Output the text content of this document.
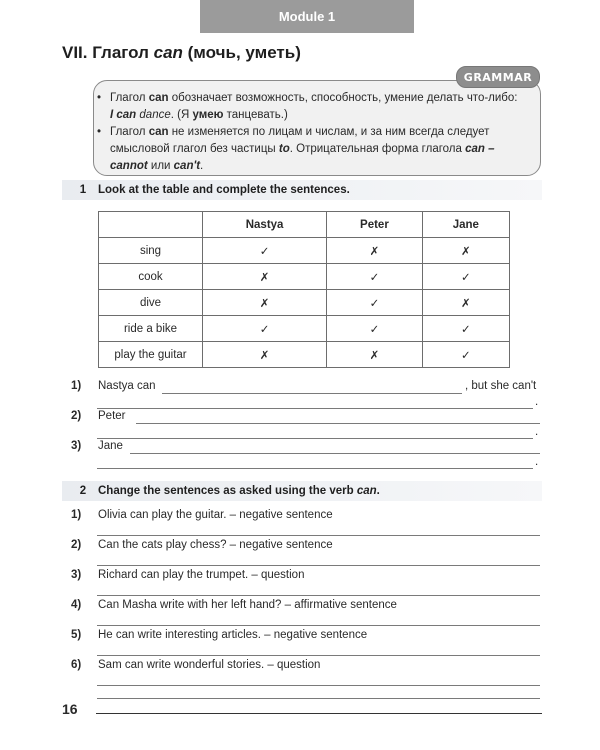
Module 1
VII. Глагол can (мочь, уметь)
GRAMMAR
• Глагол can обозначает возможность, способность, умение делать что-либо: I can dance. (Я умею танцевать.)
• Глагол can не изменяется по лицам и числам, и за ним всегда следует смысловой глагол без частицы to. Отрицательная форма глагола can – cannot или can't.
1	Look at the table and complete the sentences.
	Nastya	Peter	Jane
sing	✓	✗	✗
cook	✗	✓	✓
dive	✗	✓	✗
ride a bike	✓	✓	✓
play the guitar	✗	✗	✓
1)	Nastya can	, but she can't
.
2)	Peter
.
3)	Jane
.
2	Change the sentences as asked using the verb can.
1)	Olivia can play the guitar. – negative sentence
2)	Can the cats play chess? – negative sentence
3)	Richard can play the trumpet. – question
4)	Can Masha write with her left hand? – affirmative sentence
5)	He can write interesting articles. – negative sentence
6)	Sam can write wonderful stories. – question
16
